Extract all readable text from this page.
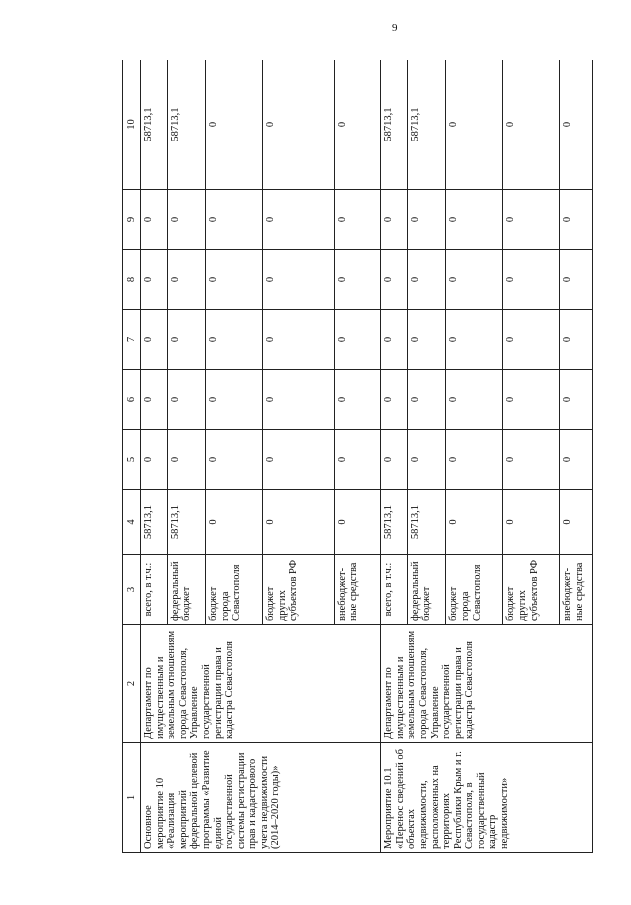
9
1	2	3	4	5	6	7	8	9	10
Основное мероприятие 10 «Реализация мероприятий федеральной целевой программы «Развитие единой государственной системы регистрации прав и кадастрового учета недвижимости (2014–2020 годы)»	Департамент по имущественным и земельным отношениям города Севастополя, Управление государственной регистрации права и кадастра Севастополя	всего, в т.ч.:	58713,1	0	0	0	0	0	58713,1
		федеральный бюджет	58713,1	0	0	0	0	0	58713,1
		бюджет города Севастополя	0	0	0	0	0	0	0
		бюджет других субъектов РФ	0	0	0	0	0	0	0
		внебюджет-ные средства	0	0	0	0	0	0	0
Мероприятие 10.1 «Перенос сведений об объектах недвижимости, расположенных на территориях Республики Крым и г. Севастополя, в государственный кадастр недвижимости»	Департамент по имущественным и земельным отношениям города Севастополя, Управление государственной регистрации права и кадастра Севастополя	всего, в т.ч.:	58713,1	0	0	0	0	0	58713,1
		федеральный бюджет	58713,1	0	0	0	0	0	58713,1
		бюджет города Севастополя	0	0	0	0	0	0	0
		бюджет других субъектов РФ	0	0	0	0	0	0	0
		внебюджет-ные средства	0	0	0	0	0	0	0
